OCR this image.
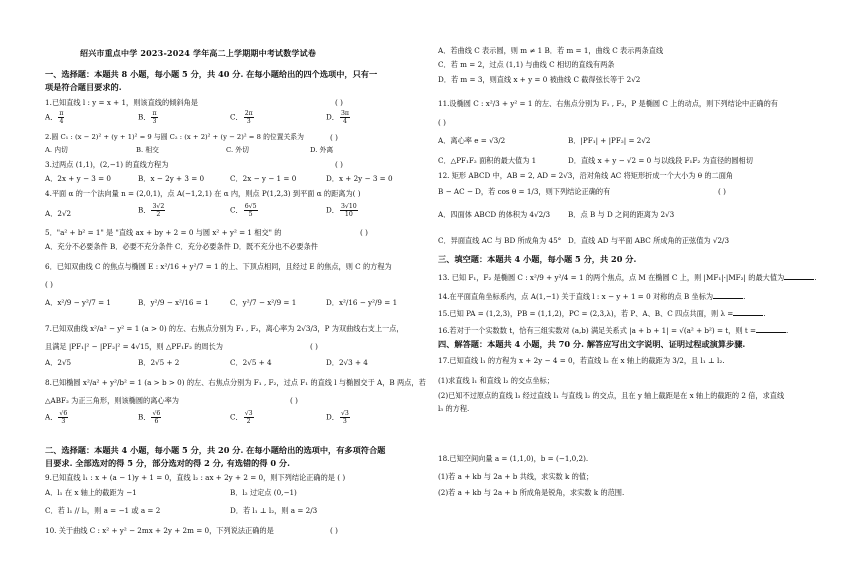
绍兴市重点中学 2023-2024 学年高二上学期期中考试数学试卷
一、选择题：本题共 8 小题，每小题 5 分，共 40 分. 在每小题给出的四个选项中，只有一
项是符合题目要求的.
1.已知直线 l : y = x + 1，则该直线的倾斜角是	( )
A． $\frac{\pi}{4}$	B． $\frac{\pi}{3}$	C． $\frac{2\pi}{3}$	D． $\frac{3\pi}{4}$
2.圆 C₁ : (x − 2)² + (y + 1)² = 9 与圆 C₂ : (x + 2)² + (y − 2)² = 8 的位置关系为	( )
A. 内切	B. 相交	C. 外切	D. 外离
3.过两点 (1,1)，(2,−1) 的直线方程为	( )
A．2x + y − 3 = 0	B．x − 2y + 3 = 0	C．2x − y − 1 = 0	D．x + 2y − 3 = 0
4.平面 α 的一个法向量 n = (2,0,1)，点 A(−1,2,1) 在 α 内，则点 P(1,2,3) 到平面 α 的距离为( )
A．2√2	B． $\frac{3√2}{2}$	C． $\frac{6√5}{5}$	D． $\frac{3√10}{10}$
5．"a² + b² = 1" 是 "直线 ax + by + 2 = 0 与圆 x² + y² = 1 相交" 的	( )
A．充分不必要条件 B．必要不充分条件 C．充分必要条件 D．既不充分也不必要条件
6．已知双曲线 C 的焦点与椭圆 E : x²/16 + y²/7 = 1 的上、下顶点相同，且经过 E 的焦点，则 C 的方程为
( )
A．x²/9 − y²/7 = 1	B．y²/9 − x²/16 = 1	C．y²/7 − x²/9 = 1	D．x²/16 − y²/9 = 1
7.已知双曲线 x²/a² − y² = 1 (a > 0) 的左、右焦点分别为 F₁ , F₂，离心率为 2√3/3，P 为双曲线右支上一点，
且满足 |PF₁|² − |PF₂|² = 4√15，则 △PF₁F₂ 的周长为	( )
A．2√5	B．2√5 + 2	C．2√5 + 4	D．2√3 + 4
8.已知椭圆 x²/a² + y²/b² = 1 (a > b > 0) 的左、右焦点分别为 F₁ , F₂，过点 F₁ 的直线 l 与椭圆交于 A，B 两点，若
△ABF₂ 为正三角形，则该椭圆的离心率为	( )
A． $\frac{√6}{3}$	B． $\frac{√6}{6}$	C． $\frac{√3}{2}$	D． $\frac{√3}{3}$
二、选择题：本题共 4 小题，每小题 5 分，共 20 分. 在每小题给出的选项中，有多项符合题
目要求. 全部选对的得 5 分，部分选对的得 2 分, 有选错的得 0 分.
9.已知直线 l₁ : x + (a − 1)y + 1 = 0，直线 l₂ : ax + 2y + 2 = 0，则下列结论正确的是 ( )
A．l₁ 在 x 轴上的截距为 −1	B．l₂ 过定点 (0,−1)
C．若 l₁ // l₂，则 a = −1 或 a = 2	D．若 l₁ ⊥ l₂，则 a = 2/3
10. 关于曲线 C : x² + y² − 2mx + 2y + 2m = 0，下列说法正确的是	( )
A．若曲线 C 表示圆，则 m ≠ 1 B．若 m = 1，曲线 C 表示两条直线
C．若 m = 2，过点 (1,1) 与曲线 C 相切的直线有两条
D．若 m = 3，则直线 x + y = 0 被曲线 C 截得弦长等于 2√2
11.设椭圆 C : x²/3 + y² = 1 的左、右焦点分别为 F₁ , F₂，P 是椭圆 C 上的动点，则下列结论中正确的有
( )
A．离心率 e = √3/2	B．|PF₁| + |PF₂| = 2√2
C．△PF₁F₂ 面积的最大值为 1	D．直线 x + y − √2 = 0 与以线段 F₁F₂ 为直径的圆相切
12. 矩形 ABCD 中，AB = 2, AD = 2√3，沿对角线 AC 将矩形折成一个大小为 θ 的二面角
B − AC − D，若 cos θ = 1/3，则下列结论正确的有	( )
A．四面体 ABCD 的体积为 4√2/3 B．点 B 与 D 之间的距离为 2√3
C．异面直线 AC 与 BD 所成角为 45° D．直线 AD 与平面 ABC 所成角的正弦值为 √2/3
三、填空题：本题共 4 小题，每小题 5 分，共 20 分.
13. 已知 F₁，F₂ 是椭圆 C : x²/9 + y²/4 = 1 的两个焦点，点 M 在椭圆 C 上，则 |MF₁|·|MF₂| 的最大值为	.
14.在平面直角坐标系内，点 A(1,−1) 关于直线 l : x − y + 1 = 0 对称的点 B 坐标为	.
15.已知 PA = (1,2,3)，PB = (1,1,2)，PC = (2,3,λ)，若 P、A、B、C 四点共面，则 λ =	.
16.若对于一个实数数 t，恰有三组实数对 (a,b) 满足关系式 |a + b + 1| = √(a² + b²) = t，则 t =	.
四、解答题：本题共 4 小题，共 70 分. 解答应写出文字说明、证明过程或演算步骤.
17.已知直线 l₁ 的方程为 x + 2y − 4 = 0，若直线 l₂ 在 x 轴上的截距为 3/2，且 l₁ ⊥ l₂.
(1)求直线 l₁ 和直线 l₂ 的交点坐标；
(2)已知不过原点的直线 l₃ 经过直线 l₁ 与直线 l₂ 的交点，且在 y 轴上截距是在 x 轴上的截距的 2 倍，求直线
l₃ 的方程.
18.已知空间向量 a = (1,1,0)，b = (−1,0,2).
(1)若 a + kb 与 2a + b 共线，求实数 k 的值；
(2)若 a + kb 与 2a + b 所成角是锐角，求实数 k 的范围.
